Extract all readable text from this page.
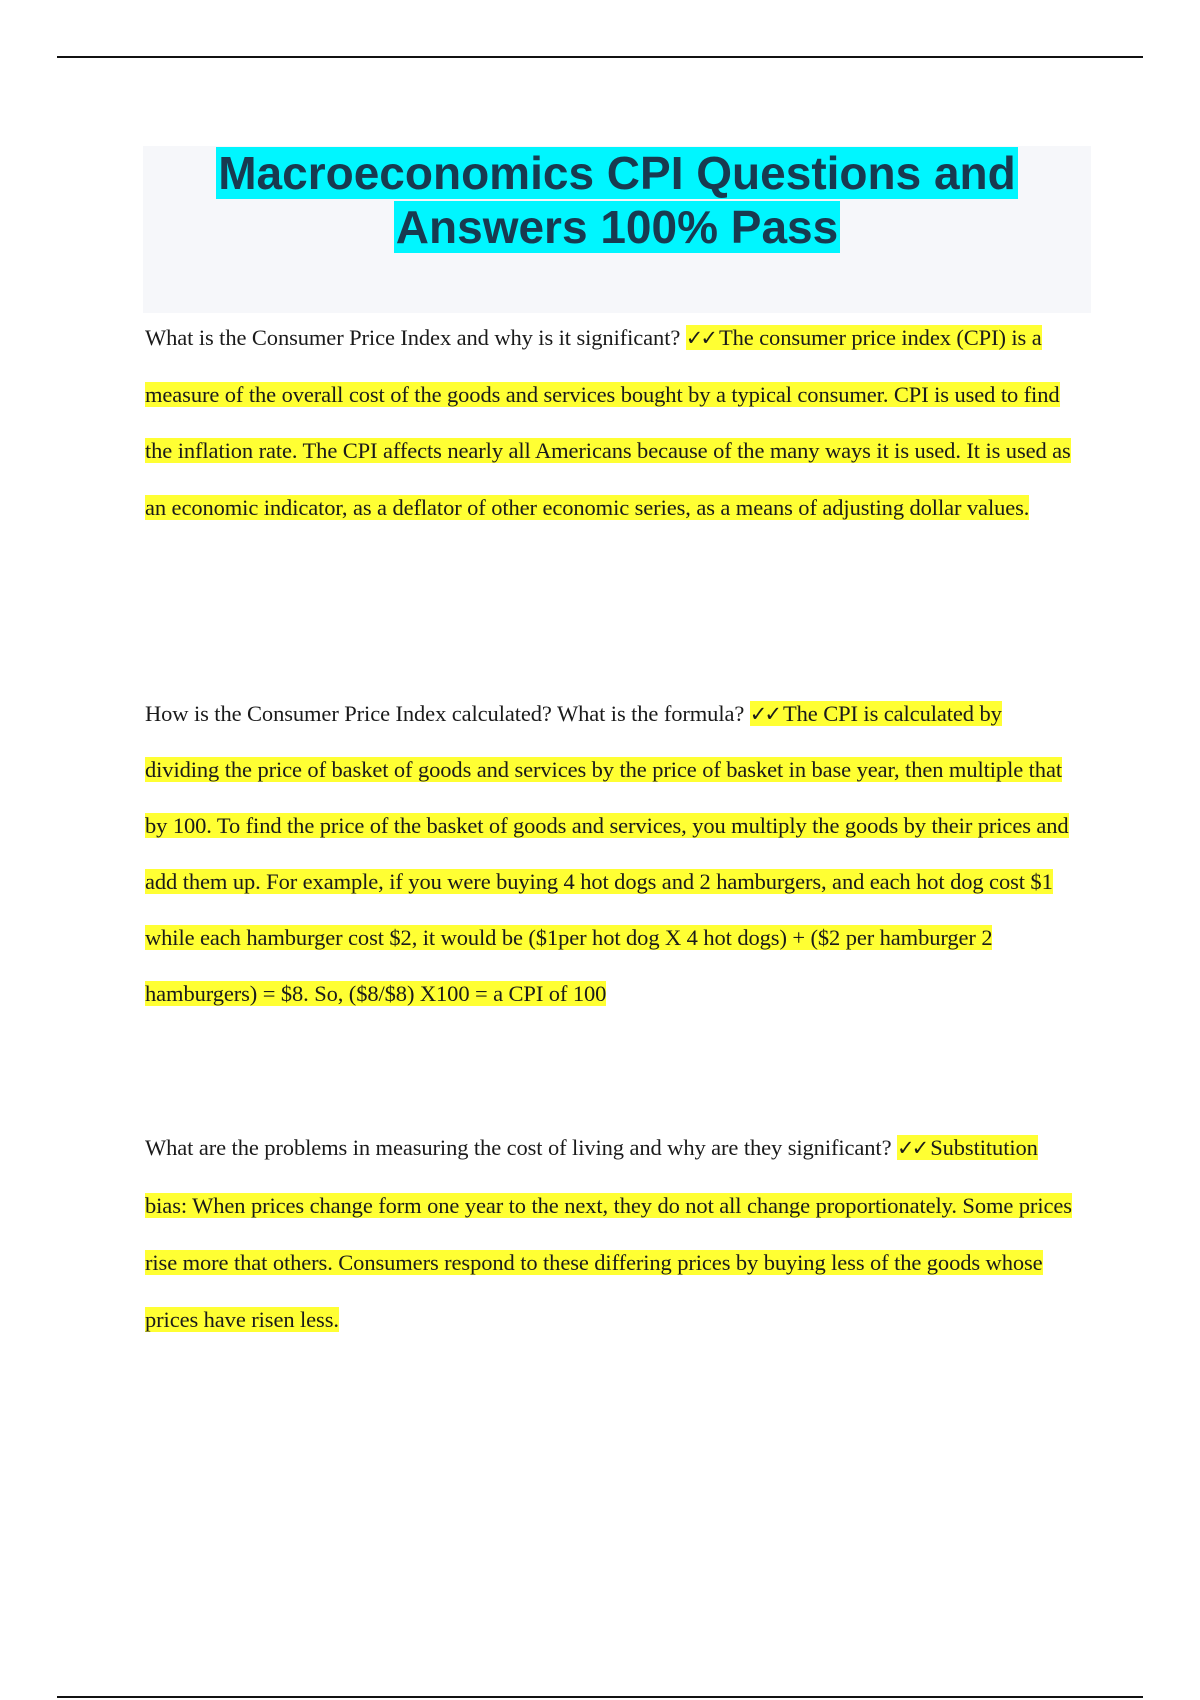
Macroeconomics CPI Questions and
Answers 100% Pass

What is the Consumer Price Index and why is it significant? ✓✓ The consumer price index (CPI) is a measure of the overall cost of the goods and services bought by a typical consumer. CPI is used to find the inflation rate. The CPI affects nearly all Americans because of the many ways it is used. It is used as an economic indicator, as a deflator of other economic series, as a means of adjusting dollar values.

How is the Consumer Price Index calculated? What is the formula? ✓✓ The CPI is calculated by dividing the price of basket of goods and services by the price of basket in base year, then multiple that by 100. To find the price of the basket of goods and services, you multiply the goods by their prices and add them up. For example, if you were buying 4 hot dogs and 2 hamburgers, and each hot dog cost $1 while each hamburger cost $2, it would be ($1per hot dog X 4 hot dogs) + ($2 per hamburger 2 hamburgers) = $8. So, ($8/$8) X100 = a CPI of 100

What are the problems in measuring the cost of living and why are they significant? ✓✓ Substitution bias: When prices change form one year to the next, they do not all change proportionately. Some prices rise more that others. Consumers respond to these differing prices by buying less of the goods whose prices have risen less.
